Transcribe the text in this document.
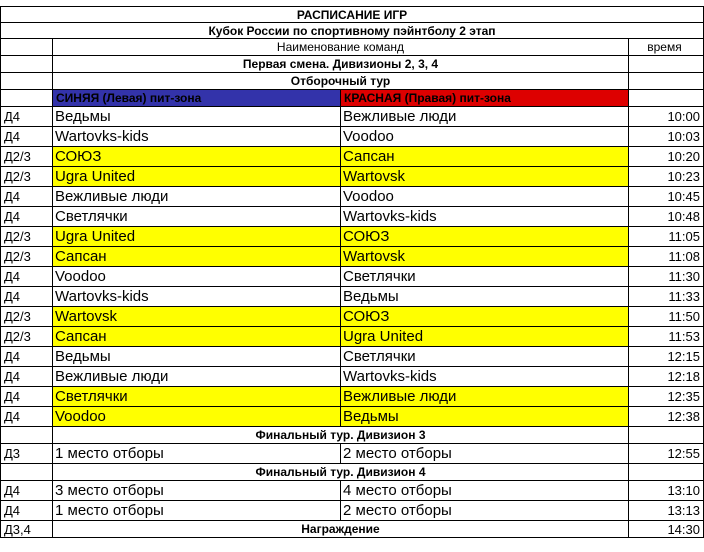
РАСПИСАНИЕ ИГР
Кубок России по спортивному пэйнтболу 2 этап
Наименование команд	время
Первая смена. Дивизионы 2, 3, 4
Отборочный тур
СИНЯЯ (Левая) пит-зона	КРАСНАЯ (Правая) пит-зона
Д4	Ведьмы	Вежливые люди	10:00
Д4	Wartovks-kids	Voodoo	10:03
Д2/3	СОЮЗ	Сапсан	10:20
Д2/3	Ugra United	Wartovsk	10:23
Д4	Вежливые люди	Voodoo	10:45
Д4	Светлячки	Wartovks-kids	10:48
Д2/3	Ugra United	СОЮЗ	11:05
Д2/3	Сапсан	Wartovsk	11:08
Д4	Voodoo	Светлячки	11:30
Д4	Wartovks-kids	Ведьмы	11:33
Д2/3	Wartovsk	СОЮЗ	11:50
Д2/3	Сапсан	Ugra United	11:53
Д4	Ведьмы	Светлячки	12:15
Д4	Вежливые люди	Wartovks-kids	12:18
Д4	Светлячки	Вежливые люди	12:35
Д4	Voodoo	Ведьмы	12:38
Финальный тур. Дивизион 3
Д3	1 место отборы	2 место отборы	12:55
Финальный тур. Дивизион 4
Д4	3 место отборы	4 место отборы	13:10
Д4	1 место отборы	2 место отборы	13:13
Д3,4	Награждение	14:30
